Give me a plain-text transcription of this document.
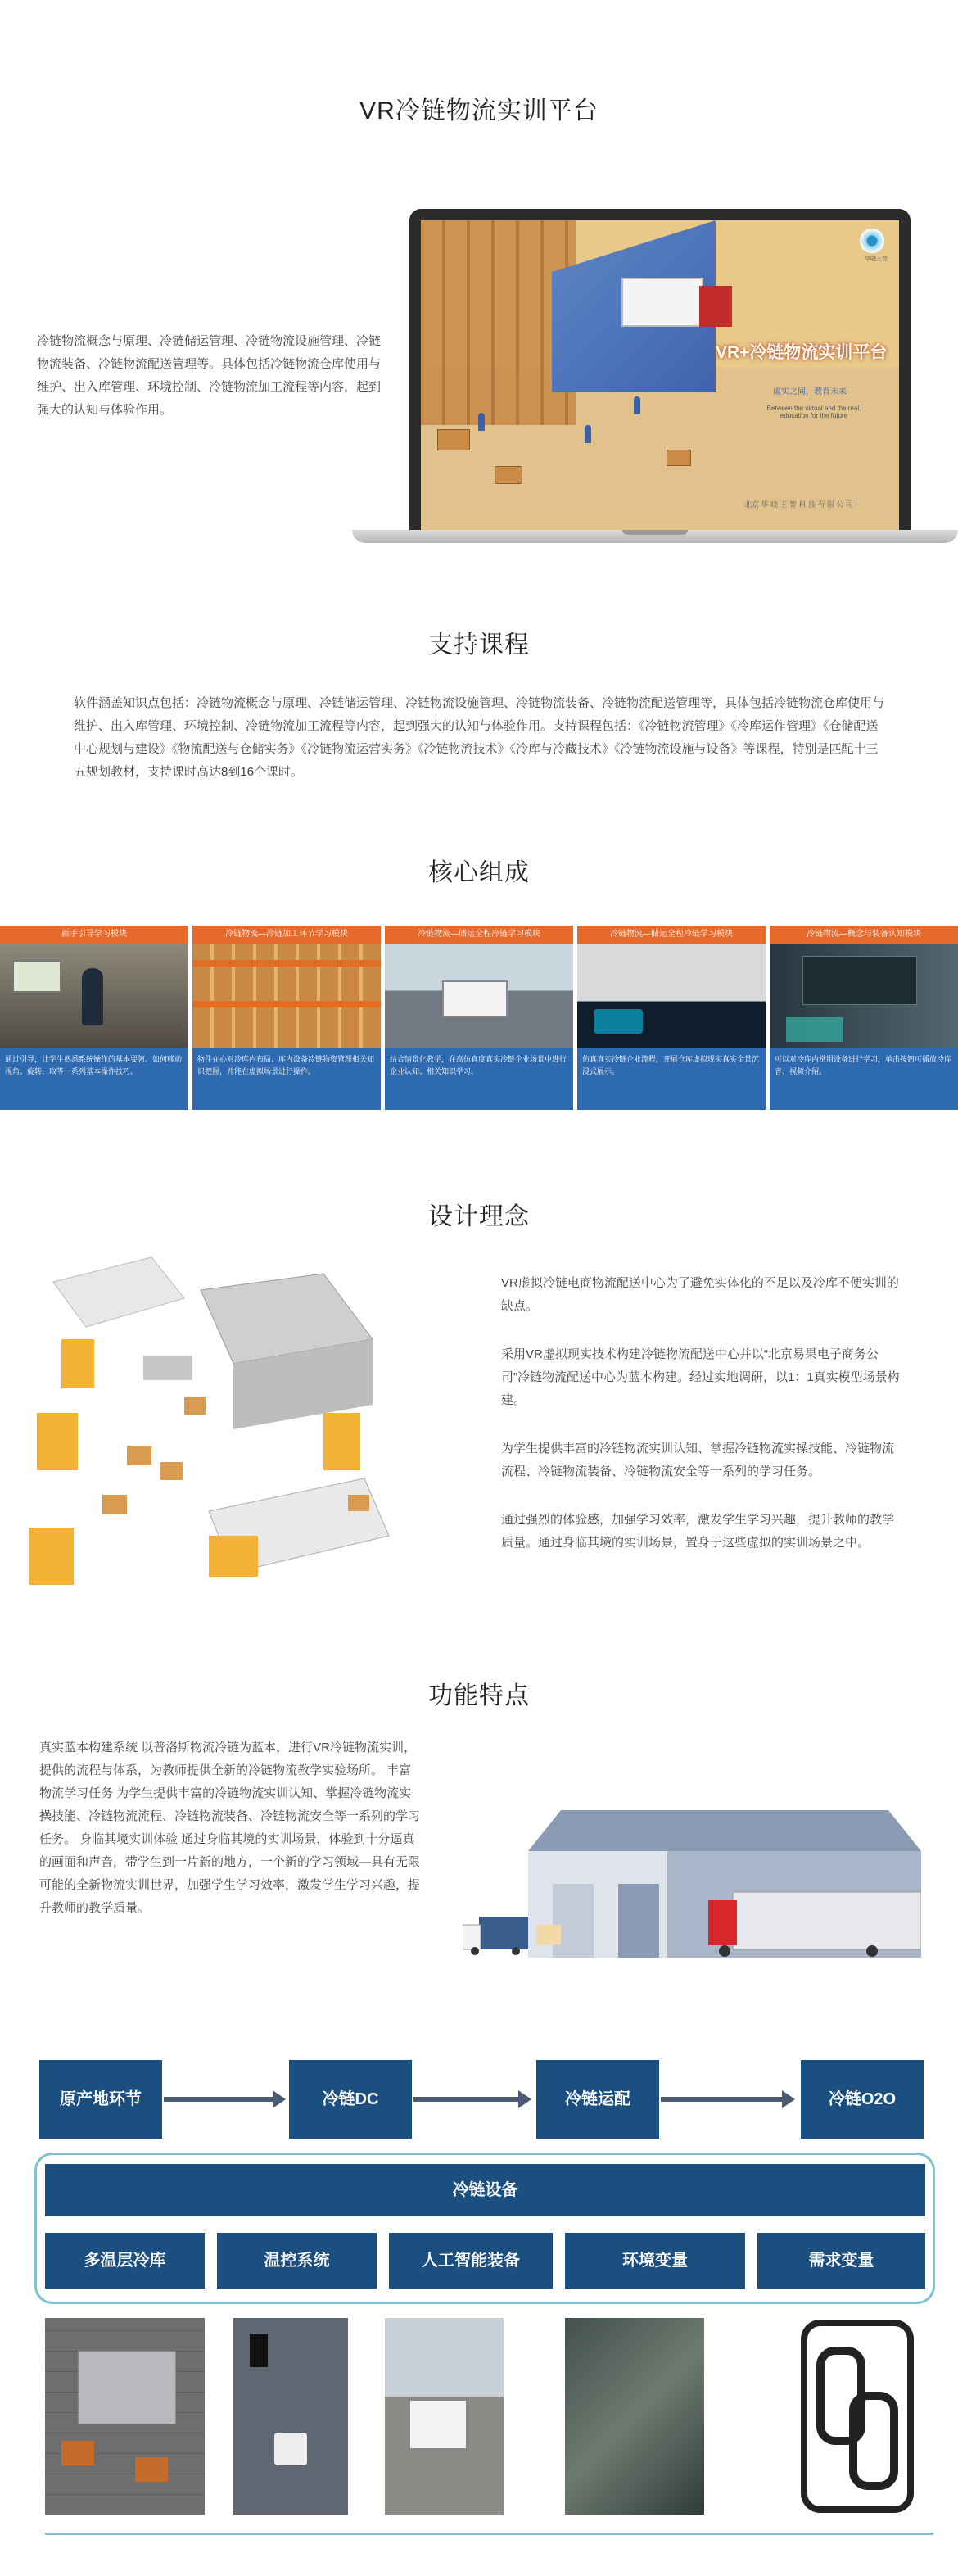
VR冷链物流实训平台

冷链物流概念与原理、冷链储运管理、冷链物流设施管理、冷链物流装备、冷链物流配送管理等。具体包括冷链物流仓库使用与维护、出入库管理、环境控制、冷链物流加工流程等内容，起到强大的认知与体验作用。

VR+冷链物流实训平台
虚实之间，教育未来
Between the virtual and the real, education for the future
北京 华 晓 王 智 科 技 有 限 公 司
华晓王智
支持课程

软件涵盖知识点包括：冷链物流概念与原理、冷链储运管理、冷链物流设施管理、冷链物流装备、冷链物流配送管理等，具体包括冷链物流仓库使用与维护、出入库管理、环境控制、冷链物流加工流程等内容，起到强大的认知与体验作用。支持课程包括：《冷链物流管理》《冷库运作管理》《仓储配送中心规划与建设》《物流配送与仓储实务》《冷链物流运营实务》《冷链物流技术》《冷库与冷藏技术》《冷链物流设施与设备》等课程，特别是匹配十三五规划教材，支持课时高达8到16个课时。

核心组成
新手引导学习模块
通过引导，让学生熟悉系统操作的基本要领、如何移动视角、旋转、取等一系列基本操作技巧。
冷链物流—冷链加工环节学习模块
物件在心对冷库内布局、库内设备冷链物资管理相关知识把握，并能在虚拟场景进行操作。
冷链物流—储运全程冷链学习模块
结合情景化教学，在高仿真度真实冷链企业场景中进行企业认知、相关知识学习。
冷链物流—储运全程冷链学习模块
仿真真实冷链企业流程，开展仓库虚拟现实真实全景沉浸式展示。
冷链物流—概念与装备认知模块
可以对冷库内常用设备进行学习，单击按钮可播放冷库音、视频介绍。
设计理念

VR虚拟冷链电商物流配送中心为了避免实体化的不足以及冷库不便实训的缺点。

采用VR虚拟现实技术构建冷链物流配送中心并以“北京易果电子商务公司”冷链物流配送中心为蓝本构建。经过实地调研，以1：1真实模型场景构建。

为学生提供丰富的冷链物流实训认知、掌握冷链物流实操技能、冷链物流流程、冷链物流装备、冷链物流安全等一系列的学习任务。

通过强烈的体验感，加强学习效率，激发学生学习兴趣，提升教师的教学质量。通过身临其境的实训场景，置身于这些虚拟的实训场景之中。

功能特点

真实蓝本构建系统 以普洛斯物流冷链为蓝本，进行VR冷链物流实训，提供的流程与体系，为教师提供全新的冷链物流教学实验场所。 丰富物流学习任务 为学生提供丰富的冷链物流实训认知、掌握冷链物流实操技能、冷链物流流程、冷链物流装备、冷链物流安全等一系列的学习任务。 身临其境实训体验 通过身临其境的实训场景，体验到十分逼真的画面和声音，带学生到一片新的地方，一个新的学习领域—具有无限可能的全新物流实训世界，加强学生学习效率，激发学生学习兴趣，提升教师的教学质量。

原产地环节	冷链DC	冷链运配	冷链O2O
冷链设备
多温层冷库	温控系统	人工智能装备	环境变量	需求变量
